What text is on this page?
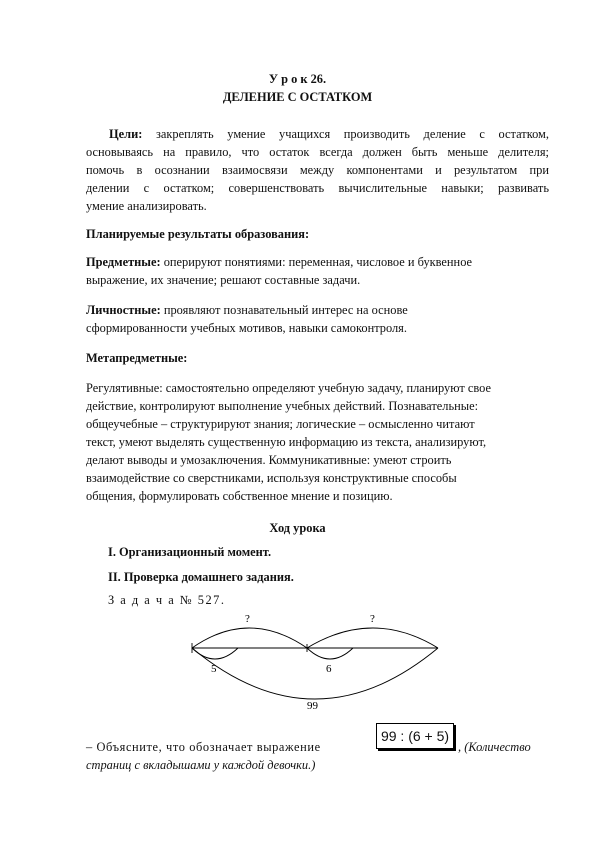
У р о к 26.
ДЕЛЕНИЕ С ОСТАТКОМ
Цели: закреплять умение учащихся производить деление с остатком,
основываясь на правило, что остаток всегда должен быть меньше делителя;
помочь в осознании взаимосвязи между компонентами и результатом при
делении с остатком; совершенствовать вычислительные навыки; развивать
умение анализировать.
Планируемые результаты образования:
Предметные: оперируют понятиями: переменная, числовое и буквенное
выражение, их значение; решают составные задачи.
Личностные: проявляют познавательный интерес на основе
сформированности учебных мотивов, навыки самоконтроля.
Метапредметные:
Регулятивные: самостоятельно определяют учебную задачу, планируют свое
действие, контролируют выполнение учебных действий. Познавательные:
общеучебные – структурируют знания; логические – осмысленно читают
текст, умеют выделять существенную информацию из текста, анализируют,
делают выводы и умозаключения. Коммуникативные: умеют строить
взаимодействие со сверстниками, используя конструктивные способы
общения, формулировать собственное мнение и позицию.
Ход урока
I. Организационный момент.
II. Проверка домашнего задания.
З а д а ч а № 527.
?	?
5	6
99
– Объясните, что обозначает выражение
99 : (6 + 5)
, (Количество
страниц с вкладышами у каждой девочки.)
